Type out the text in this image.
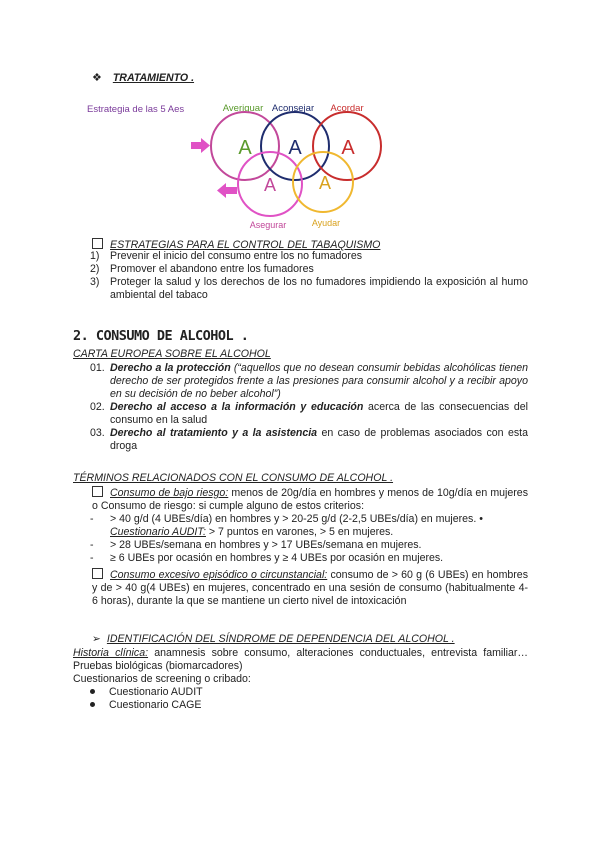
❖ TRATAMIENTO .
Estrategia de las 5 Aes	Averiguar Aconsejar Acordar
A A A
A A
Asegurar	Ayudar
ESTRATEGIAS PARA EL CONTROL DEL TABAQUISMO
1) Prevenir el inicio del consumo entre los no fumadores
2) Promover el abandono entre los fumadores
3) Proteger la salud y los derechos de los no fumadores impidiendo la exposición al humo ambiental del tabaco
2. CONSUMO DE ALCOHOL .
CARTA EUROPEA SOBRE EL ALCOHOL
01. Derecho a la protección (“aquellos que no desean consumir bebidas alcohólicas tienen derecho de ser protegidos frente a las presiones para consumir alcohol y a recibir apoyo en su decisión de no beber alcohol”)
02. Derecho al acceso a la información y educación acerca de las consecuencias del consumo en la salud
03. Derecho al tratamiento y a la asistencia en caso de problemas asociados con esta droga
TÉRMINOS RELACIONADOS CON EL CONSUMO DE ALCOHOL .
Consumo de bajo riesgo: menos de 20g/día en hombres y menos de 10g/día en mujeres o Consumo de riesgo: si cumple alguno de estos criterios:
-	> 40 g/d (4 UBEs/día) en hombres y > 20-25 g/d (2-2,5 UBEs/día) en mujeres. •
Cuestionario AUDIT: > 7 puntos en varones, > 5 en mujeres.
-	> 28 UBEs/semana en hombres y > 17 UBEs/semana en mujeres.
-	≥ 6 UBEs por ocasión en hombres y ≥ 4 UBEs por ocasión en mujeres.
Consumo excesivo episódico o circunstancial: consumo de > 60 g (6 UBEs) en hombres y de > 40 g(4 UBEs) en mujeres, concentrado en una sesión de consumo (habitualmente 4-6 horas), durante la que se mantiene un cierto nivel de intoxicación
➢ IDENTIFICACIÓN DEL SÍNDROME DE DEPENDENCIA DEL ALCOHOL .
Historia clínica: anamnesis sobre consumo, alteraciones conductuales, entrevista familiar… Pruebas biológicas (biomarcadores)
Cuestionarios de screening o cribado:
Cuestionario AUDIT
Cuestionario CAGE
